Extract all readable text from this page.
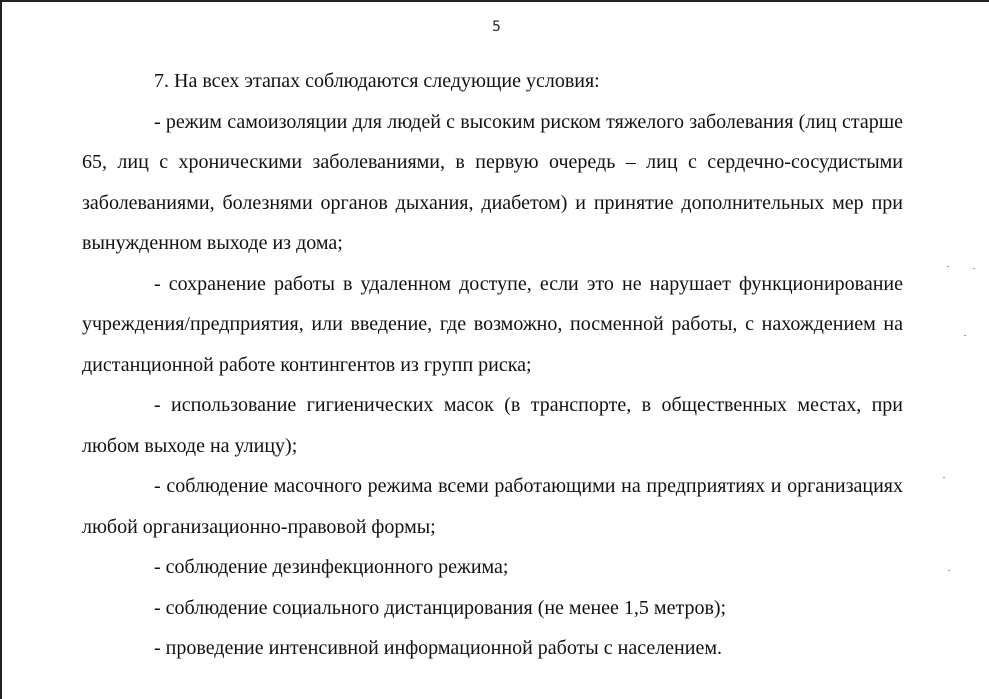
5

7. На всех этапах соблюдаются следующие условия:

- режим самоизоляции для людей с высоким риском тяжелого заболевания (лиц старше 65, лиц с хроническими заболеваниями, в первую очередь – лиц с сердечно-сосудистыми заболеваниями, болезнями органов дыхания, диабетом) и принятие дополнительных мер при вынужденном выходе из дома;

- сохранение работы в удаленном доступе, если это не нарушает функционирование учреждения/предприятия, или введение, где возможно, посменной работы, с нахождением на дистанционной работе контингентов из групп риска;

- использование гигиенических масок (в транспорте, в общественных местах, при любом выходе на улицу);

- соблюдение масочного режима всеми работающими на предприятиях и организациях любой организационно-правовой формы;

- соблюдение дезинфекционного режима;

- соблюдение социального дистанцирования (не менее 1,5 метров);

- проведение интенсивной информационной работы с населением.
